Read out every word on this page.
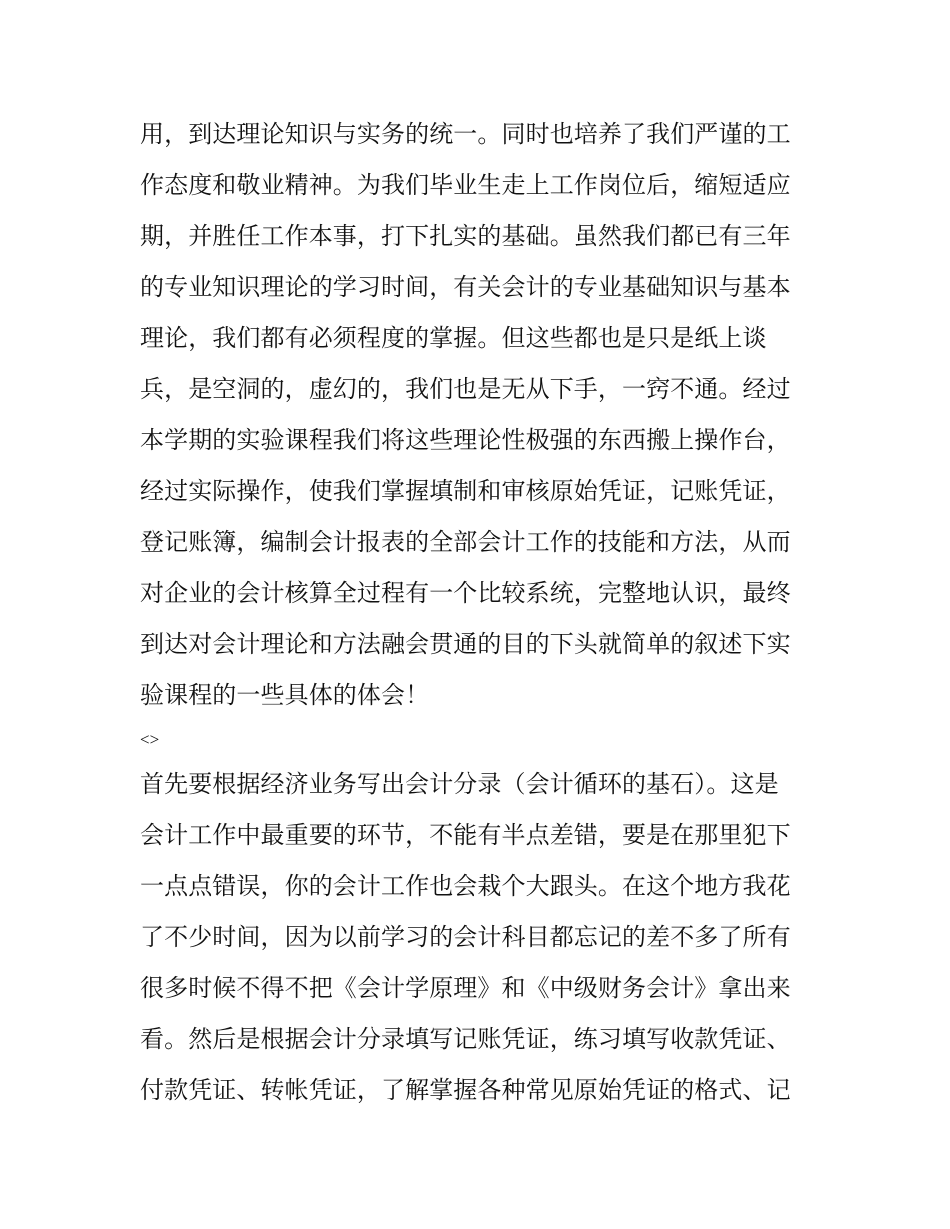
用，到达理论知识与实务的统一。同时也培养了我们严谨的工
作态度和敬业精神。为我们毕业生走上工作岗位后，缩短适应
期，并胜任工作本事，打下扎实的基础。虽然我们都已有三年
的专业知识理论的学习时间，有关会计的专业基础知识与基本
理论，我们都有必须程度的掌握。但这些都也是只是纸上谈
兵，是空洞的，虚幻的，我们也是无从下手，一窍不通。经过
本学期的实验课程我们将这些理论性极强的东西搬上操作台，
经过实际操作，使我们掌握填制和审核原始凭证，记账凭证，
登记账簿，编制会计报表的全部会计工作的技能和方法，从而
对企业的会计核算全过程有一个比较系统，完整地认识，最终
到达对会计理论和方法融会贯通的目的下头就简单的叙述下实
验课程的一些具体的体会！
<>
首先要根据经济业务写出会计分录（会计循环的基石）。这是
会计工作中最重要的环节，不能有半点差错，要是在那里犯下
一点点错误，你的会计工作也会栽个大跟头。在这个地方我花
了不少时间，因为以前学习的会计科目都忘记的差不多了所有
很多时候不得不把《会计学原理》和《中级财务会计》拿出来
看。然后是根据会计分录填写记账凭证，练习填写收款凭证、
付款凭证、转帐凭证，了解掌握各种常见原始凭证的格式、记
